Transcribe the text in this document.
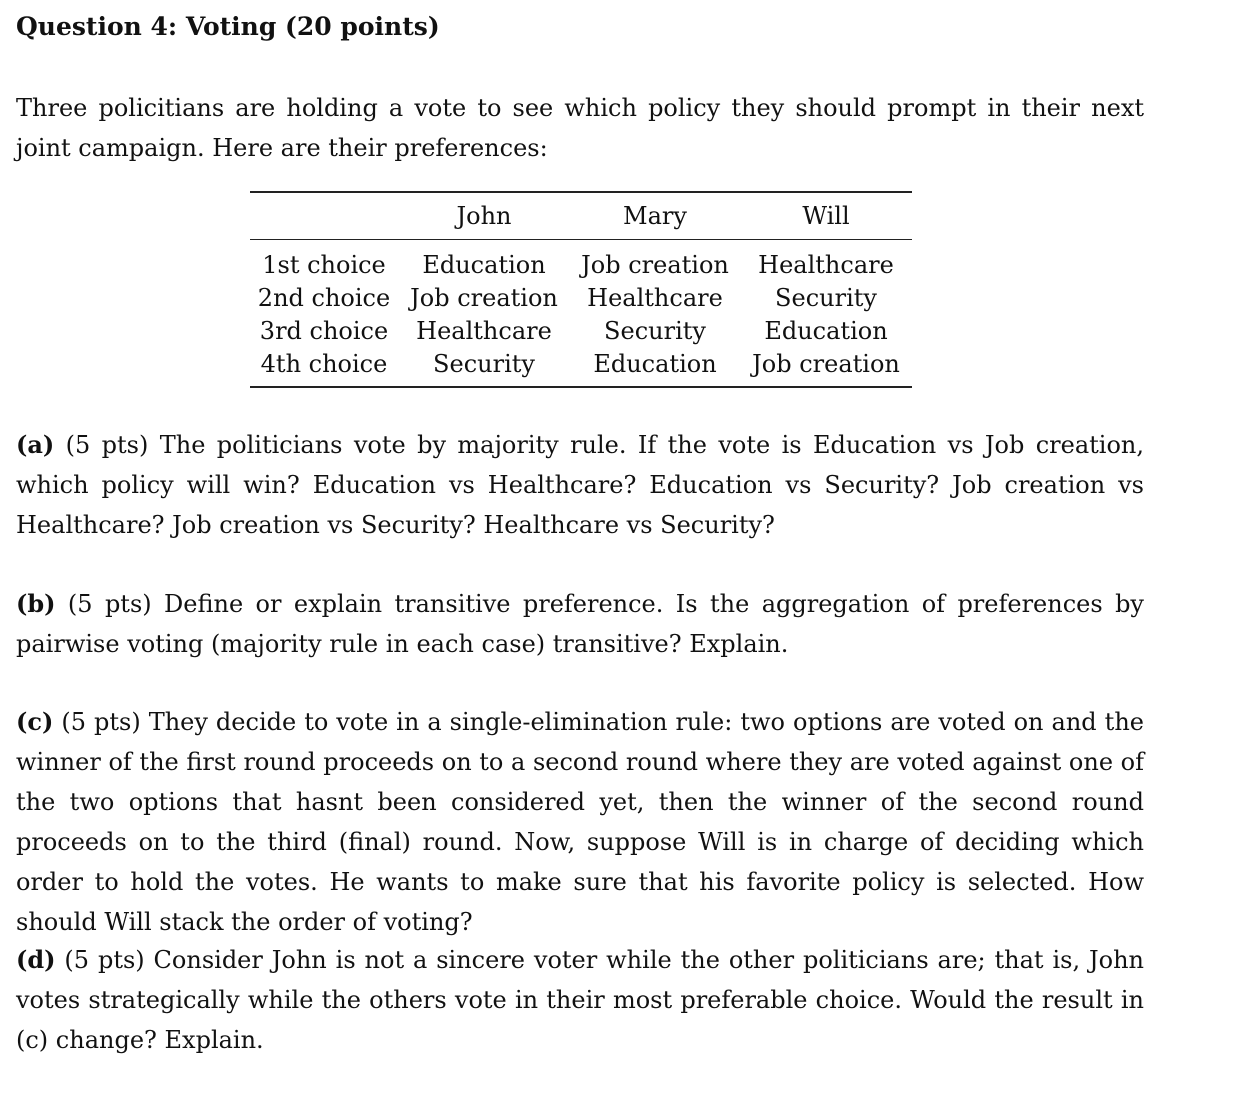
Question 4: Voting (20 points)

Three policitians are holding a vote to see which policy they should prompt in their next joint campaign. Here are their preferences:

	John	Mary	Will
1st choice	Education	Job creation	Healthcare
2nd choice	Job creation	Healthcare	Security
3rd choice	Healthcare	Security	Education
4th choice	Security	Education	Job creation

(a) (5 pts) The politicians vote by majority rule. If the vote is Education vs Job creation, which policy will win? Education vs Healthcare? Education vs Security? Job creation vs Healthcare? Job creation vs Security? Healthcare vs Security?

(b) (5 pts) Define or explain transitive preference. Is the aggregation of preferences by pairwise voting (majority rule in each case) transitive? Explain.

(c) (5 pts) They decide to vote in a single-elimination rule: two options are voted on and the winner of the first round proceeds on to a second round where they are voted against one of the two options that hasnt been considered yet, then the winner of the second round proceeds on to the third (final) round. Now, suppose Will is in charge of deciding which order to hold the votes. He wants to make sure that his favorite policy is selected. How should Will stack the order of voting?

(d) (5 pts) Consider John is not a sincere voter while the other politicians are; that is, John votes strategically while the others vote in their most preferable choice. Would the result in (c) change? Explain.
